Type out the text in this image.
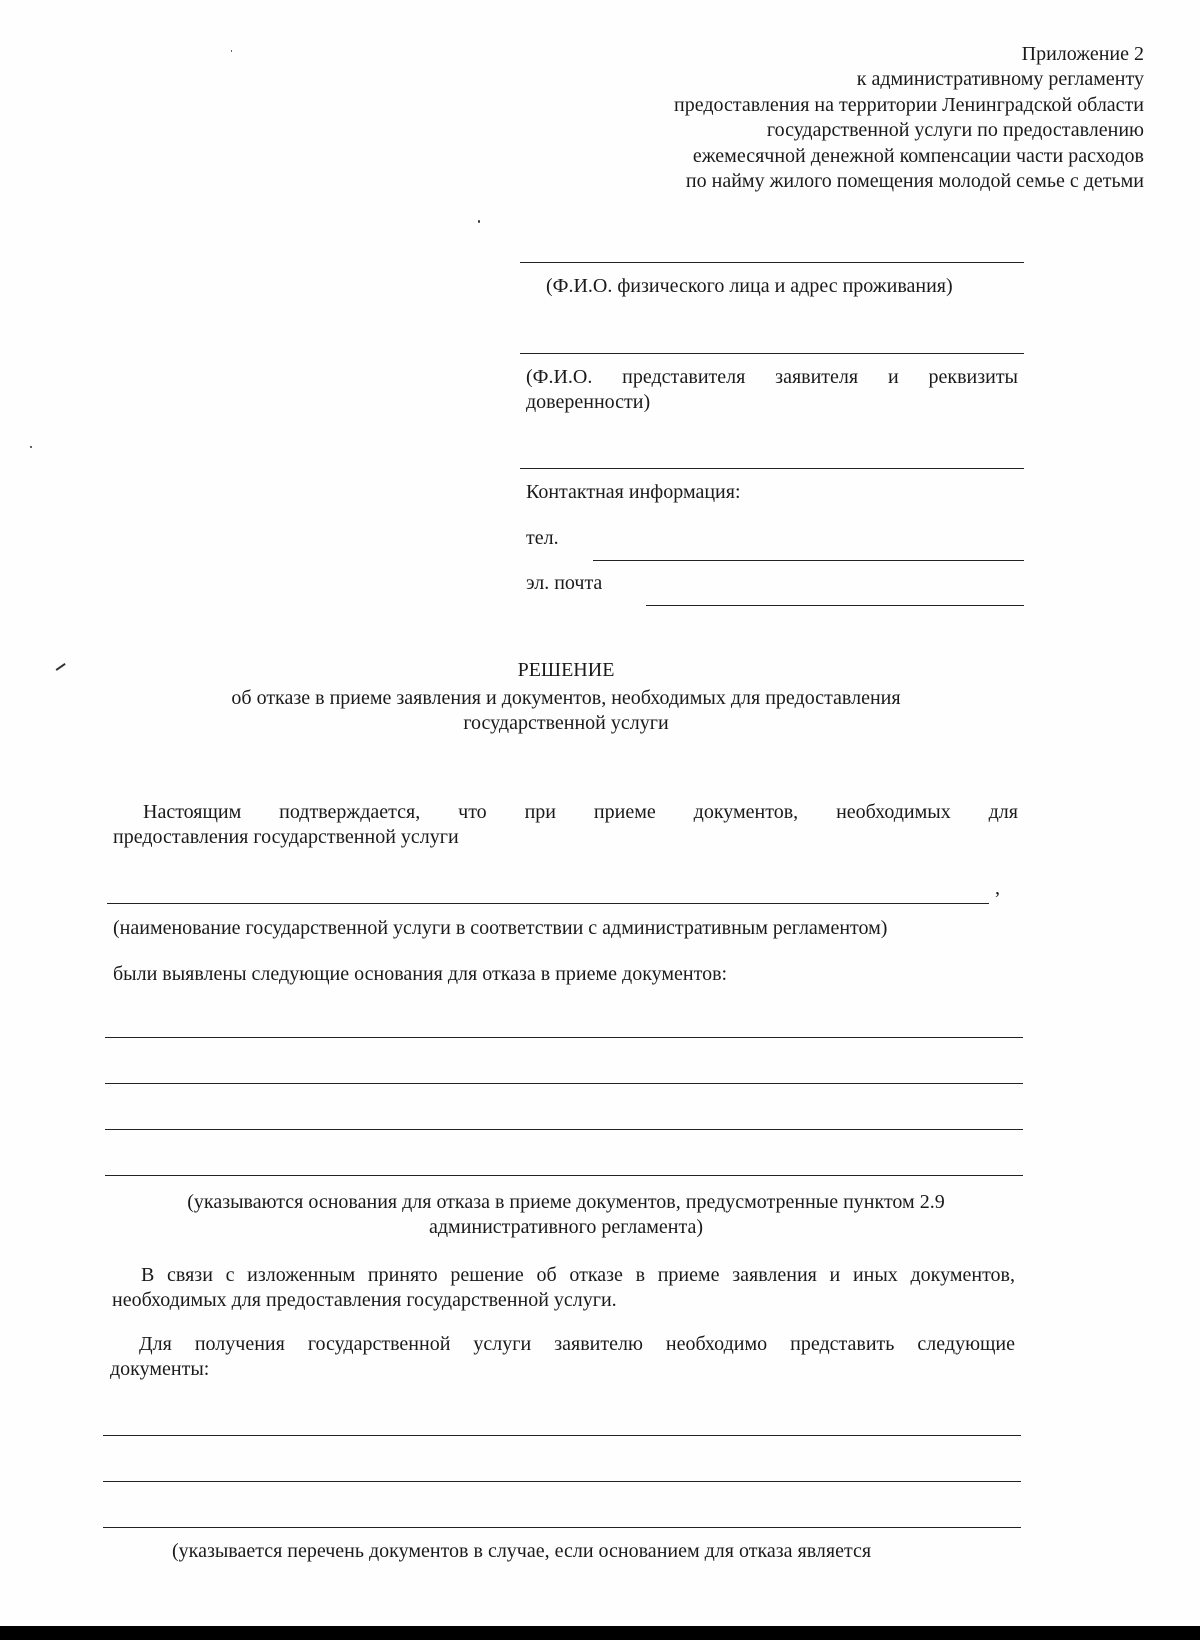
Приложение 2
к административному регламенту
предоставления на территории Ленинградской области
государственной услуги по предоставлению
ежемесячной денежной компенсации части расходов
по найму жилого помещения молодой семье с детьми
(Ф.И.О. физического лица и адрес проживания)
(Ф.И.О. представителя заявителя и реквизиты
доверенности)
Контактная информация:
тел.
эл. почта
РЕШЕНИЕ
об отказе в приеме заявления и документов, необходимых для предоставления
государственной услуги
Настоящим подтверждается, что при приеме документов, необходимых для
предоставления государственной услуги
,
(наименование государственной услуги в соответствии с административным регламентом)
были выявлены следующие основания для отказа в приеме документов:
(указываются основания для отказа в приеме документов, предусмотренные пунктом 2.9
административного регламента)
В связи с изложенным принято решение об отказе в приеме заявления и иных документов,
необходимых для предоставления государственной услуги.
Для получения государственной услуги заявителю необходимо представить следующие
документы:
(указывается перечень документов в случае, если основанием для отказа является
